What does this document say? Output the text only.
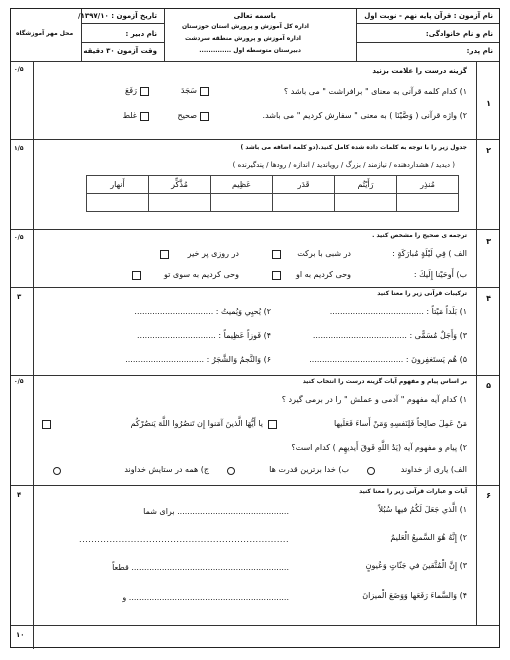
نام آزمون : قرآن پایه نهم - نوبت اول
نام و نام خانوادگی:
نام پدر:
باسمه تعالی
اداره کل آموزش و پرورش استان خوزستان
اداره آموزش و پرورش منطقه سردشت
دبیرستان متوسطه اول ..............
تاریخ آزمون : ۱۳۹۷/۱۰/
نام دبیر :
وقت آزمون ۳۰ دقیقه
محل مهر آموزشگاه
۱
۰/۵	گزینه درست را علامت بزنید
۱) کدام کلمه قرآنی به معنای " برافراشت " می باشد ؟
سَجَدَ
رَفَعَ
۲) واژه قرآنی ( وَصَّيْنَا ) به معنی " سفارش کردیم " می باشد.
صحیح
غلط
۲
۱/۵	جدول زیر را با توجه به کلمات داده شده کامل کنید.(دو کلمه اضافه می باشد )
( دیدید / هشداردهنده / نیازمند / بزرگ / رویاندید / اندازه / رودها / پندگیرنده )
مُنذِر	رَأَيْتُم	قَدَر	عَظِيم	مُذَّكِّر	أَنهار

۳
۰/۵	ترجمه ی صحیح را مشخص کنید .
الف ) فِي لَيْلَةٍ مُبارَكَةٍ :
در شبی با برکت
در روزی پر خیر
ب) أَوحَيْنا إِلَيكَ :
وحی کردیم به او
وحی کردیم به سوی تو
۴
۳	ترکیبات قرآنی زیر را معنا کنید
۱) بَلَداً مَيْتاً : .....................................
۲) يُحيِي وَيُميتُ : ...............................
۳) وَأَجَلٌ مُسَمًّى : .....................................
۴) فَوزاً عَظِيماً : ...............................
۵) هُم يَستَغفِرونَ : .....................................
۶) وَالنَّجمُ وَالشَّجَرُ : ...............................
۵
۰/۵	بر اساس پیام و مفهوم آیات گزینه درست را انتخاب کنید
۱) کدام آیه مفهوم " آدمی و عملش " را در برمی گیرد ؟
مَنْ عَمِلَ صالِحاً فَلِنَفسِهِ وَمَنْ أَساءَ فَعَلَيها
يا أَيُّهَا الَّذينَ آمَنوا إِن تَنصُرُوا اللَّهَ يَنصُرْكُم
۲) پیام و مفهوم آیه (يَدُ اللَّهِ فَوقَ أَيديهِم ) کدام است؟
الف) یاری از خداوند
ب) خدا برترین قدرت ها
ج) همه در ستایش خداوند
۶
۴	آیات و عبارات قرآنی زیر را معنا کنید
۱) الَّذي جَعَلَ لَكُمُ فيها سُبُلاً
............................................ برای شما
۲) إِنَّهُ هُوَ السَّميعُ الْعَليمُ
.....................................................................
۳) إِنَّ الْمُتَّقينَ في جَنّاتٍ وَعُيونٍ
.............................................................. قطعاً
۴) وَالسَّماءَ رَفَعَها وَوَضَعَ الْميزانَ
............................................................... و
۱۰
